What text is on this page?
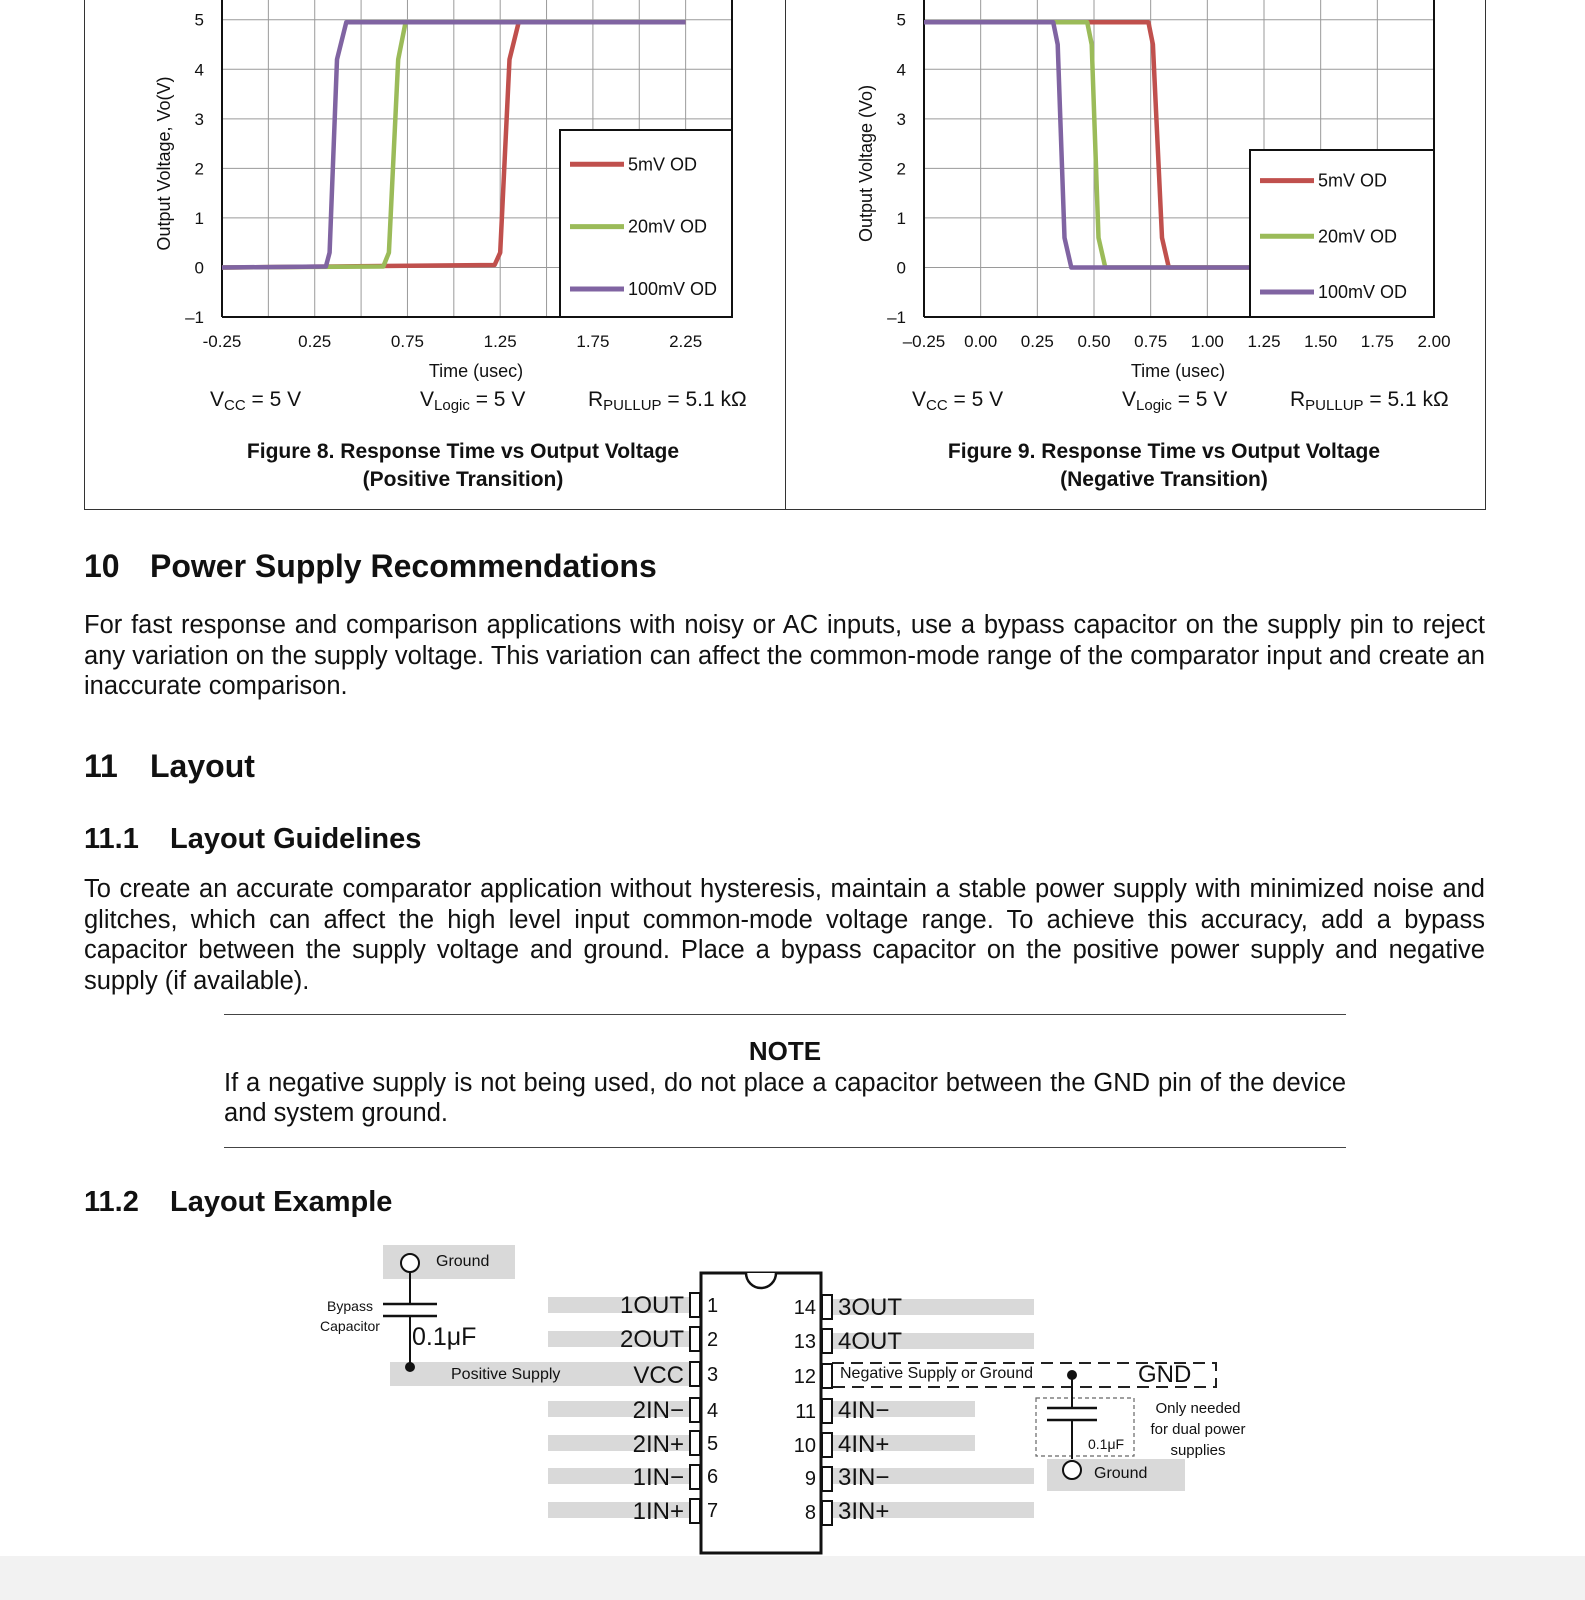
5
4
3
2
1
0
–1
-0.25	0.25	0.75	1.25	1.75	2.25
Time (usec)
Output Voltage, Vo(V)	5mV OD
20mV OD
100mV OD
5
4
3
2
1
0
–1
–0.25 0.00 0.25 0.50 0.75 1.00 1.25 1.50 1.75 2.00
Time (usec)
Output Voltage (Vo)	5mV OD
20mV OD
100mV OD
$V_{CC} = 5$ V	$V_{Logic} = 5$ V	$R_{PULLUP} = 5.1$ kΩ	$V_{CC} = 5$ V	$V_{Logic} = 5$ V	$R_{PULLUP} = 5.1$ kΩ
Figure 8. Response Time vs Output Voltage
(Positive Transition)
Figure 9. Response Time vs Output Voltage
(Negative Transition)
10 Power Supply Recommendations

For fast response and comparison applications with noisy or AC inputs, use a bypass capacitor on the supply pin to reject any variation on the supply voltage. This variation can affect the common-mode range of the comparator input and create an inaccurate comparison.

11 Layout
11.1 Layout Guidelines

To create an accurate comparator application without hysteresis, maintain a stable power supply with minimized noise and glitches, which can affect the high level input common-mode voltage range. To achieve this accuracy, add a bypass capacitor between the supply voltage and ground. Place a bypass capacitor on the positive power supply and negative supply (if available).

NOTE

If a negative supply is not being used, do not place a capacitor between the GND pin of the device and system ground.

11.2 Layout Example
Ground
Bypass
Capacitor 0.1μF
Positive Supply
1OUT
2OUT
VCC
2IN−
2IN+
1IN−
1IN+
1
2
3
4
5
6
7
14
13
12
11
10
9
8
3OUT
4OUT
GND
4IN−
4IN+
3IN−
3IN+
Negative Supply or Ground
0.1μF
Only needed
for dual power
supplies
Ground
